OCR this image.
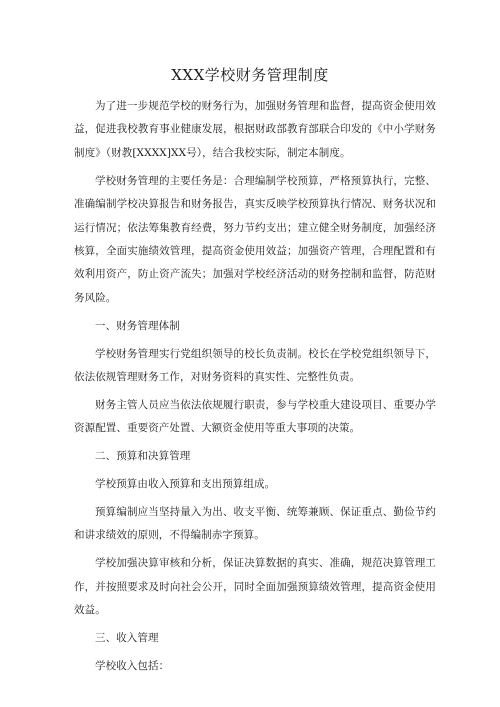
XXX学校财务管理制度

为了进一步规范学校的财务行为，加强财务管理和监督，提高资金使用效益，促进我校教育事业健康发展，根据财政部教育部联合印发的《中小学财务制度》（财教[XXXX]XX号），结合我校实际，制定本制度。

学校财务管理的主要任务是：合理编制学校预算，严格预算执行，完整、准确编制学校决算报告和财务报告，真实反映学校预算执行情况、财务状况和运行情况；依法筹集教育经费，努力节约支出；建立健全财务制度，加强经济核算，全面实施绩效管理，提高资金使用效益；加强资产管理，合理配置和有效利用资产，防止资产流失；加强对学校经济活动的财务控制和监督，防范财务风险。

一、财务管理体制

学校财务管理实行党组织领导的校长负责制。校长在学校党组织领导下，依法依规管理财务工作，对财务资料的真实性、完整性负责。

财务主管人员应当依法依规履行职责，参与学校重大建设项目、重要办学资源配置、重要资产处置、大额资金使用等重大事项的决策。

二、预算和决算管理

学校预算由收入预算和支出预算组成。

预算编制应当坚持量入为出、收支平衡、统筹兼顾、保证重点、勤俭节约和讲求绩效的原则，不得编制赤字预算。

学校加强决算审核和分析，保证决算数据的真实、准确，规范决算管理工作，并按照要求及时向社会公开，同时全面加强预算绩效管理，提高资金使用效益。

三、收入管理

学校收入包括：
